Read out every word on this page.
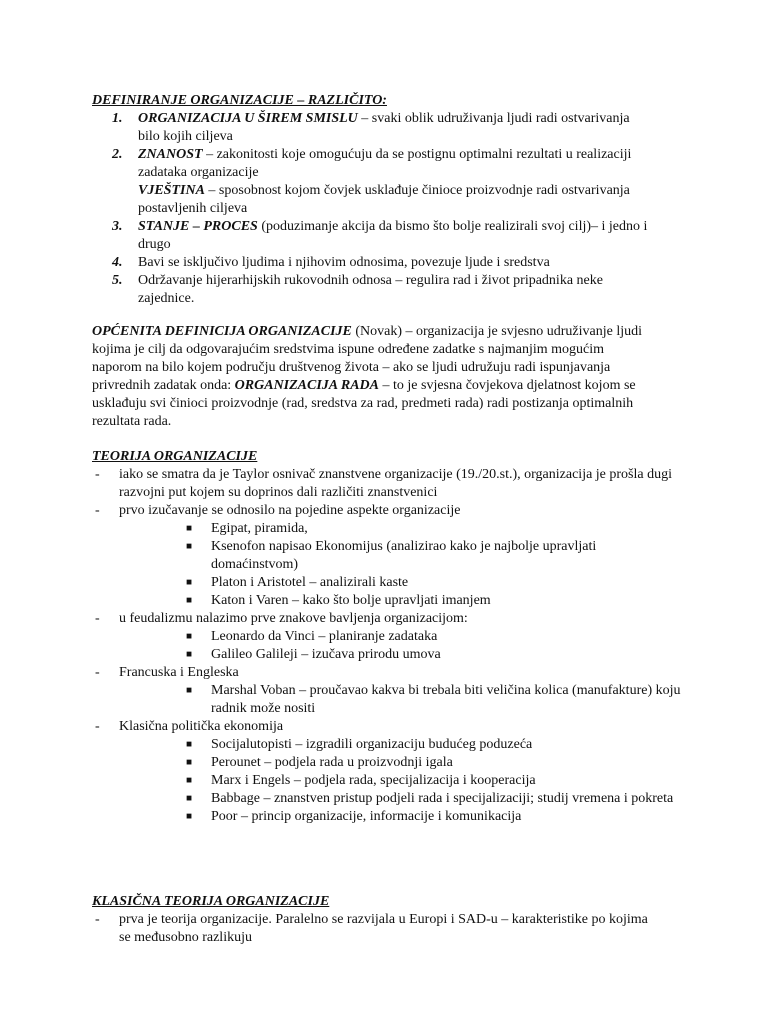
DEFINIRANJE ORGANIZACIJE – RAZLIČITO:
1. ORGANIZACIJA U ŠIREM SMISLU – svaki oblik udruživanja ljudi radi ostvarivanja bilo kojih ciljeva
2. ZNANOST – zakonitosti koje omogućuju da se postignu optimalni rezultati u realizaciji zadataka organizacije
VJEŠTINA – sposobnost kojom čovjek usklađuje činioce proizvodnje radi ostvarivanja postavljenih ciljeva
3. STANJE – PROCES (poduzimanje akcija da bismo što bolje realizirali svoj cilj)– i jedno i drugo
4. Bavi se isključivo ljudima i njihovim odnosima, povezuje ljude i sredstva
5. Održavanje hijerarhijskih rukovodnih odnosa – regulira rad i život pripadnika neke zajednice.
OPĆENITA DEFINICIJA ORGANIZACIJE (Novak) – organizacija je svjesno udruživanje ljudi kojima je cilj da odgovarajućim sredstvima ispune određene zadatke s najmanjim mogućim naporom na bilo kojem području društvenog života – ako se ljudi udružuju radi ispunjavanja privrednih zadatak onda: ORGANIZACIJA RADA – to je svjesna čovjekova djelatnost kojom se usklađuju svi činioci proizvodnje (rad, sredstva za rad, predmeti rada) radi postizanja optimalnih rezultata rada.
TEORIJA ORGANIZACIJE
- iako se smatra da je Taylor osnivač znanstvene organizacije (19./20.st.), organizacija je prošla dugi razvojni put kojem su doprinos dali različiti znanstvenici
- prvo izučavanje se odnosilo na pojedine aspekte organizacije
■ Egipat, piramida,
■ Ksenofon napisao Ekonomijus (analizirao kako je najbolje upravljati domaćinstvom)
■ Platon i Aristotel – analizirali kaste
■ Katon i Varen – kako što bolje upravljati imanjem
- u feudalizmu nalazimo prve znakove bavljenja organizacijom:
■ Leonardo da Vinci – planiranje zadataka
■ Galileo Galileji – izučava prirodu umova
- Francuska i Engleska
■ Marshal Voban – proučavao kakva bi trebala biti veličina kolica (manufakture) koju radnik može nositi
- Klasična politička ekonomija
■ Socijalutopisti – izgradili organizaciju budućeg poduzeća
■ Perounet – podjela rada u proizvodnji igala
■ Marx i Engels – podjela rada, specijalizacija i kooperacija
■ Babbage – znanstven pristup podjeli rada i specijalizaciji; studij vremena i pokreta
■ Poor – princip organizacije, informacije i komunikacija
KLASIČNA TEORIJA ORGANIZACIJE
- prva je teorija organizacije. Paralelno se razvijala u Europi i SAD-u – karakteristike po kojima se međusobno razlikuju
